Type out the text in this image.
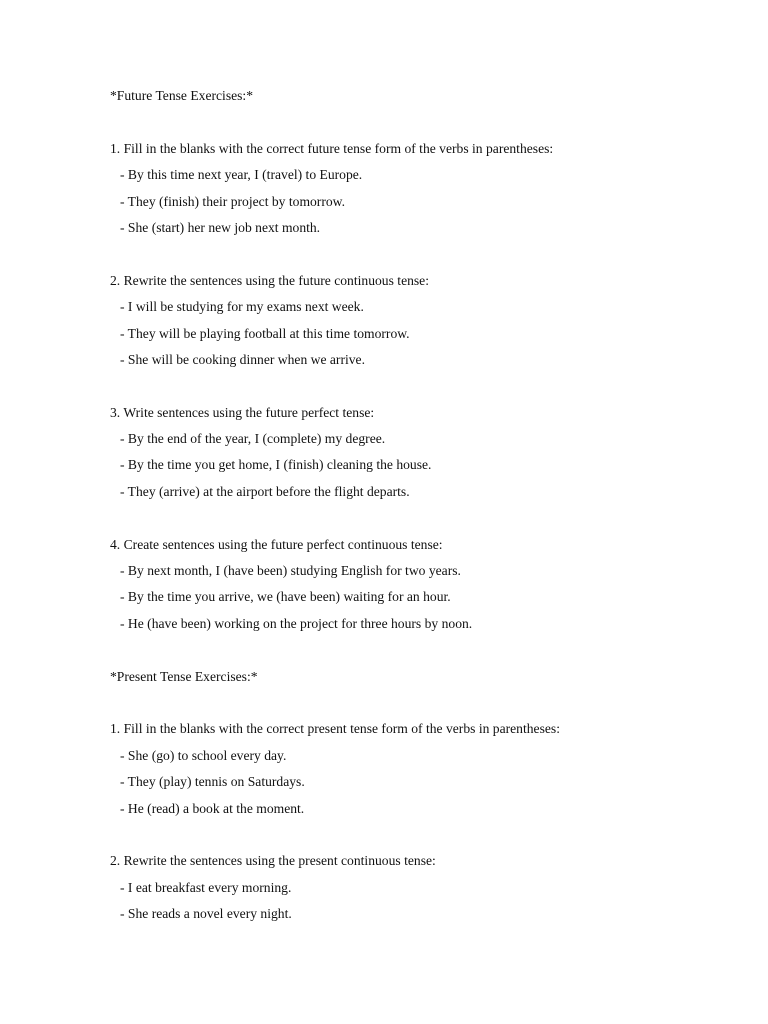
*Future Tense Exercises:*
1. Fill in the blanks with the correct future tense form of the verbs in parentheses:
- By this time next year, I (travel) to Europe.
- They (finish) their project by tomorrow.
- She (start) her new job next month.
2. Rewrite the sentences using the future continuous tense:
- I will be studying for my exams next week.
- They will be playing football at this time tomorrow.
- She will be cooking dinner when we arrive.
3. Write sentences using the future perfect tense:
- By the end of the year, I (complete) my degree.
- By the time you get home, I (finish) cleaning the house.
- They (arrive) at the airport before the flight departs.
4. Create sentences using the future perfect continuous tense:
- By next month, I (have been) studying English for two years.
- By the time you arrive, we (have been) waiting for an hour.
- He (have been) working on the project for three hours by noon.
*Present Tense Exercises:*
1. Fill in the blanks with the correct present tense form of the verbs in parentheses:
- She (go) to school every day.
- They (play) tennis on Saturdays.
- He (read) a book at the moment.
2. Rewrite the sentences using the present continuous tense:
- I eat breakfast every morning.
- She reads a novel every night.
